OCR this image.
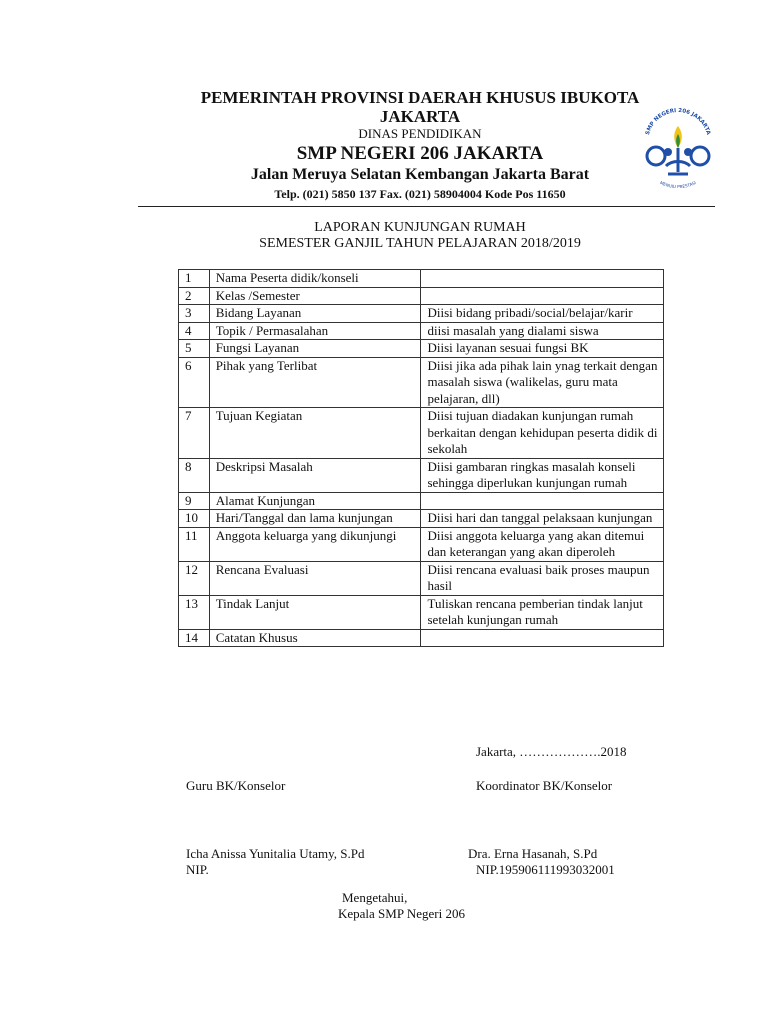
PEMERINTAH PROVINSI DAERAH KHUSUS IBUKOTA
JAKARTA
DINAS PENDIDIKAN
SMP NEGERI 206 JAKARTA
Jalan Meruya Selatan Kembangan Jakarta Barat
Telp. (021) 5850 137 Fax. (021) 58904004 Kode Pos 11650
SMP NEGERI 206 JAKARTA
MENUJU PRESTASI
LAPORAN KUNJUNGAN RUMAH
SEMESTER GANJIL TAHUN PELAJARAN 2018/2019
1	Nama Peserta didik/konseli	
2	Kelas /Semester	
3	Bidang Layanan	Diisi bidang pribadi/social/belajar/karir
4	Topik / Permasalahan	diisi masalah yang dialami siswa
5	Fungsi Layanan	Diisi layanan sesuai fungsi BK
6	Pihak yang Terlibat	Diisi jika ada pihak lain ynag terkait dengan masalah siswa (walikelas, guru mata pelajaran, dll)
7	Tujuan Kegiatan	Diisi tujuan diadakan kunjungan rumah berkaitan dengan kehidupan peserta didik di sekolah
8	Deskripsi Masalah	Diisi gambaran ringkas masalah konseli sehingga diperlukan kunjungan rumah
9	Alamat Kunjungan	
10	Hari/Tanggal dan lama kunjungan	Diisi hari dan tanggal pelaksaan kunjungan
11	Anggota keluarga yang dikunjungi	Diisi anggota keluarga yang akan ditemui dan keterangan yang akan diperoleh
12	Rencana Evaluasi	Diisi rencana evaluasi baik proses maupun hasil
13	Tindak Lanjut	Tuliskan rencana pemberian tindak lanjut setelah kunjungan rumah
14	Catatan Khusus	
Jakarta, ……………….2018
Guru BK/Konselor	Koordinator BK/Konselor
Icha Anissa Yunitalia Utamy, S.Pd
NIP.
Dra. Erna Hasanah, S.Pd
NIP.195906111993032001
Mengetahui,
Kepala SMP Negeri 206
